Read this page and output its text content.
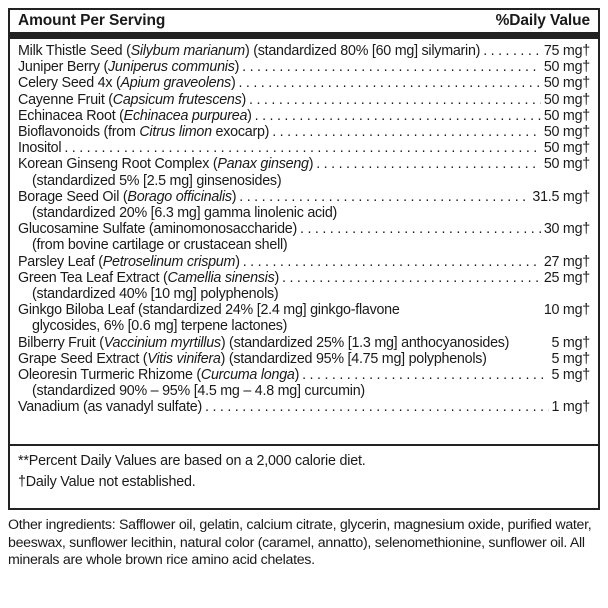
Amount Per Serving	%Daily Value
Milk Thistle Seed (Silybum marianum) (standardized 80% [60 mg] silymarin) . . .	75 mg†
Juniper Berry (Juniperus communis) . . .	50 mg†
Celery Seed 4x (Apium graveolens) . . .	50 mg†
Cayenne Fruit (Capsicum frutescens) . . .	50 mg†
Echinacea Root (Echinacea purpurea) . . .	50 mg†
Bioflavonoids (from Citrus limon exocarp) . . .	50 mg†
Inositol . . .	50 mg†
Korean Ginseng Root Complex (Panax ginseng) . . .	50 mg†
(standardized 5% [2.5 mg] ginsenosides)
Borage Seed Oil (Borago officinalis) . . .	31.5 mg†
(standardized 20% [6.3 mg] gamma linolenic acid)
Glucosamine Sulfate (aminomonosaccharide) . . .	30 mg†
(from bovine cartilage or crustacean shell)
Parsley Leaf (Petroselinum crispum) . . .	27 mg†
Green Tea Leaf Extract (Camellia sinensis) . . .	25 mg†
(standardized 40% [10 mg] polyphenols)
Ginkgo Biloba Leaf (standardized 24% [2.4 mg] ginkgo-flavone	10 mg†
glycosides, 6% [0.6 mg] terpene lactones)
Bilberry Fruit (Vaccinium myrtillus) (standardized 25% [1.3 mg] anthocyanosides)	5 mg†
Grape Seed Extract (Vitis vinifera) (standardized 95% [4.75 mg] polyphenols)	5 mg†
Oleoresin Turmeric Rhizome (Curcuma longa) . . .	5 mg†
(standardized 90% – 95% [4.5 mg – 4.8 mg] curcumin)
Vanadium (as vanadyl sulfate) . . .	1 mg†
**Percent Daily Values are based on a 2,000 calorie diet.
†Daily Value not established.
Other ingredients: Safflower oil, gelatin, calcium citrate, glycerin, magnesium oxide, purified water, beeswax, sunflower lecithin, natural color (caramel, annatto), selenomethionine, sunflower oil. All minerals are whole brown rice amino acid chelates.
